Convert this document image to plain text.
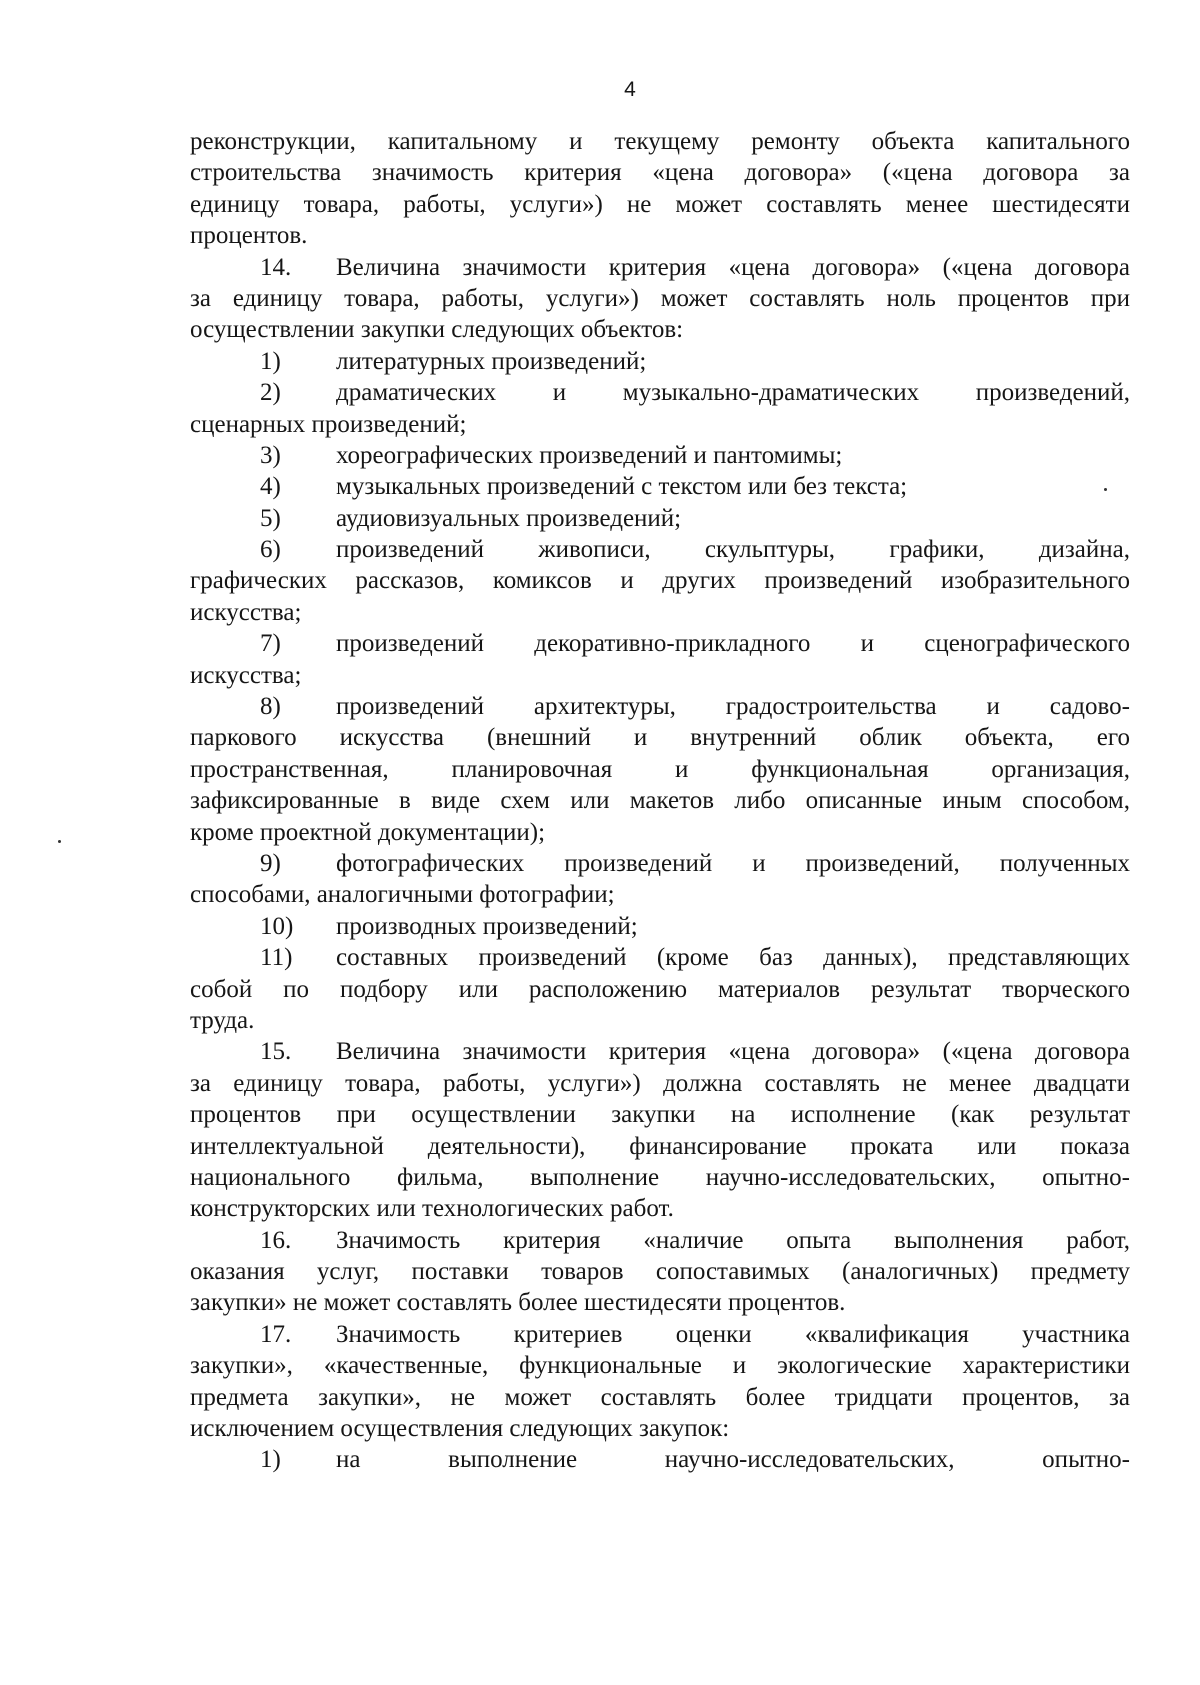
4
реконструкции, капитальному и текущему ремонту объекта капитального
строительства значимость критерия «цена договора» («цена договора за
единицу товара, работы, услуги») не может составлять менее шестидесяти
процентов.
14. Величина значимости критерия «цена договора» («цена договора
за единицу товара, работы, услуги») может составлять ноль процентов при
осуществлении закупки следующих объектов:
1) литературных произведений;
2) драматических и музыкально-драматических произведений,
сценарных произведений;
3) хореографических произведений и пантомимы;
4) музыкальных произведений с текстом или без текста;
5) аудиовизуальных произведений;
6) произведений живописи, скульптуры, графики, дизайна,
графических рассказов, комиксов и других произведений изобразительного
искусства;
7) произведений декоративно-прикладного и сценографического
искусства;
8) произведений архитектуры, градостроительства и садово-
паркового искусства (внешний и внутренний облик объекта, его
пространственная, планировочная и функциональная организация,
зафиксированные в виде схем или макетов либо описанные иным способом,
кроме проектной документации);
9) фотографических произведений и произведений, полученных
способами, аналогичными фотографии;
10) производных произведений;
11) составных произведений (кроме баз данных), представляющих
собой по подбору или расположению материалов результат творческого
труда.
15. Величина значимости критерия «цена договора» («цена договора
за единицу товара, работы, услуги») должна составлять не менее двадцати
процентов при осуществлении закупки на исполнение (как результат
интеллектуальной деятельности), финансирование проката или показа
национального фильма, выполнение научно-исследовательских, опытно-
конструкторских или технологических работ.
16. Значимость критерия «наличие опыта выполнения работ,
оказания услуг, поставки товаров сопоставимых (аналогичных) предмету
закупки» не может составлять более шестидесяти процентов.
17. Значимость критериев оценки «квалификация участника
закупки», «качественные, функциональные и экологические характеристики
предмета закупки», не может составлять более тридцати процентов, за
исключением осуществления следующих закупок:
1) на выполнение научно-исследовательских, опытно-
